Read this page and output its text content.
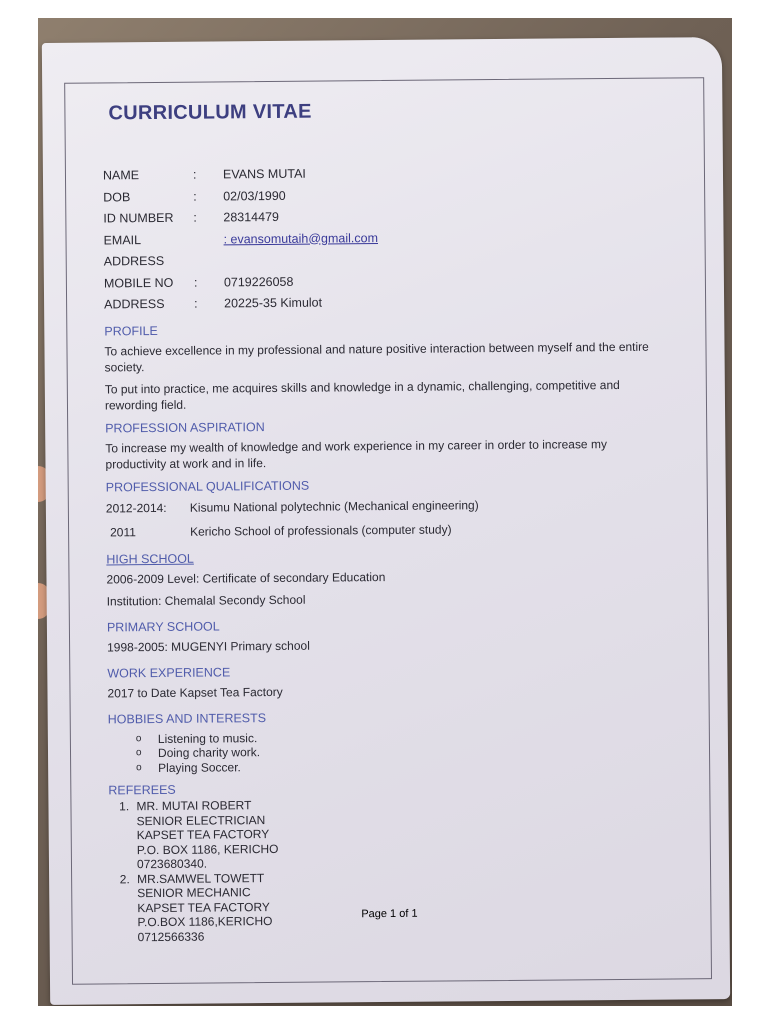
CURRICULUM VITAE
NAME	:	EVANS MUTAI
DOB	:	02/03/1990
ID NUMBER	:	28314479
EMAIL ADDRESS
: evansomutaih@gmail.com
MOBILE NO	:	0719226058
ADDRESS	:	20225-35 Kimulot
PROFILE

To achieve excellence in my professional and nature positive interaction between myself and the entire society.

To put into practice, me acquires skills and knowledge in a dynamic, challenging, competitive and rewording field.

PROFESSION ASPIRATION

To increase my wealth of knowledge and work experience in my career in order to increase my productivity at work and in life.

PROFESSIONAL QUALIFICATIONS
2012-2014:	Kisumu National polytechnic (Mechanical engineering)
2011	Kericho School of professionals (computer study)
HIGH SCHOOL
2006-2009 Level: Certificate of secondary Education
Institution: Chemalal Secondy School
PRIMARY SCHOOL
1998-2005: MUGENYI Primary school
WORK EXPERIENCE
2017 to Date Kapset Tea Factory
HOBBIES AND INTERESTS
o Listening to music.
o Doing charity work.
o Playing Soccer.
REFEREES
1. MR. MUTAI ROBERT
SENIOR ELECTRICIAN
KAPSET TEA FACTORY
P.O. BOX 1186, KERICHO
0723680340.
2. MR.SAMWEL TOWETT
SENIOR MECHANIC
KAPSET TEA FACTORY
P.O.BOX 1186,KERICHO
0712566336
Page 1 of 1
